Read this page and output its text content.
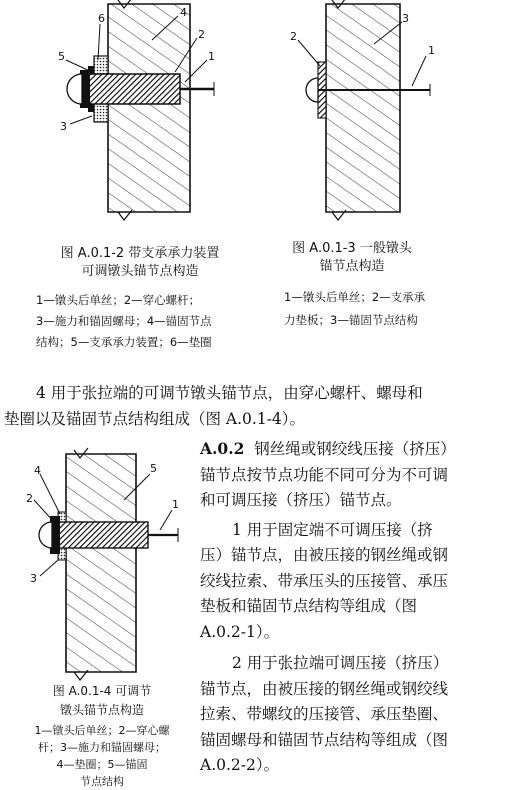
1
2
3
4
5
6
图 A.0.1-2 带支承承力装置
可调镦头锚节点构造
1—镦头后单丝；2—穿心螺杆；
3—施力和锚固螺母；4—锚固节点
结构；5—支承承力装置；6—垫圈
1
2
3
图 A.0.1-3 一般镦头
锚节点构造
1—镦头后单丝；2—支承承
力垫板；3—锚固节点结构
4 用于张拉端的可调节镦头锚节点，由穿心螺杆、螺母和
垫圈以及锚固节点结构组成（图 A.0.1-4）。
1
2
3
4	5
图 A.0.1-4 可调节
镦头锚节点构造
1—镦头后单丝；2—穿心螺
杆；3—施力和锚固螺母；
4—垫圈；5—锚固
节点结构
A.0.2 钢丝绳或钢绞线压接（挤压）
锚节点按节点功能不同可分为不可调
和可调压接（挤压）锚节点。
1 用于固定端不可调压接（挤
压）锚节点，由被压接的钢丝绳或钢
绞线拉索、带承压头的压接管、承压
垫板和锚固节点结构等组成（图
A.0.2-1）。
2 用于张拉端可调压接（挤压）
锚节点，由被压接的钢丝绳或钢绞线
拉索、带螺纹的压接管、承压垫圈、
锚固螺母和锚固节点结构等组成（图
A.0.2-2）。
